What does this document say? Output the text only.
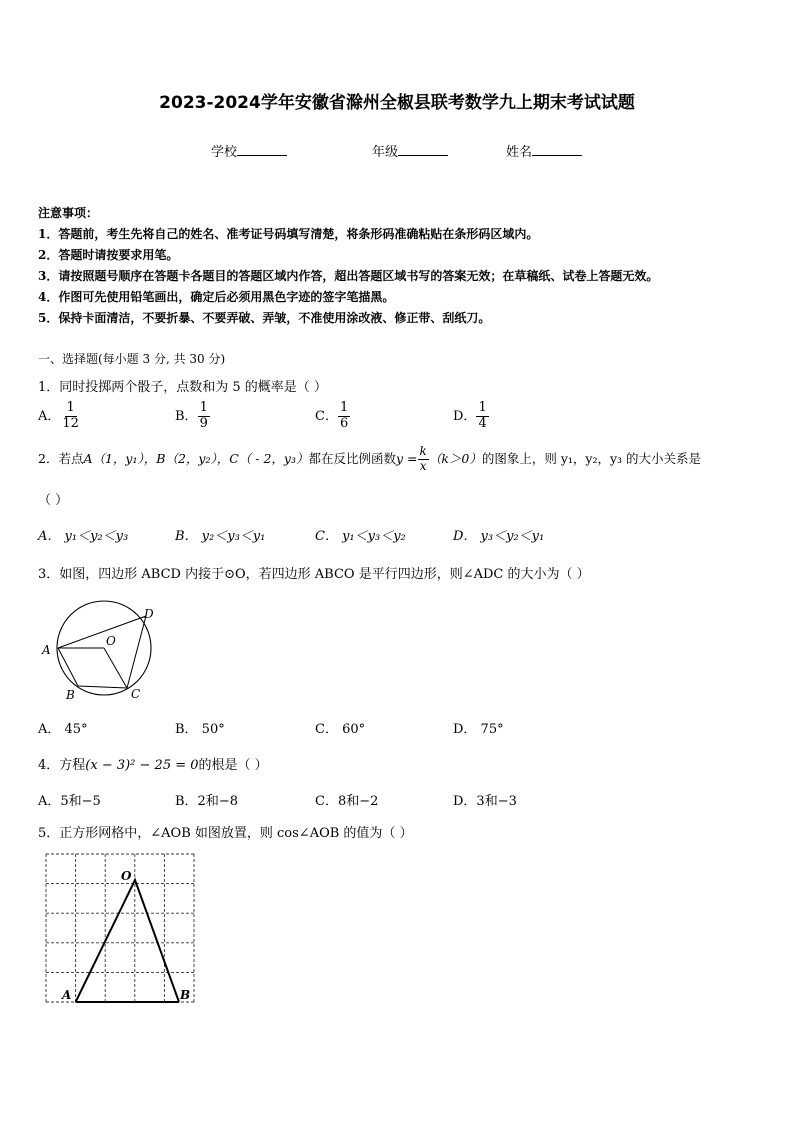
2023-2024学年安徽省滁州全椒县联考数学九上期末考试试题
学校	年级	姓名
注意事项：
1．答题前，考生先将自己的姓名、准考证号码填写清楚，将条形码准确粘贴在条形码区域内。
2．答题时请按要求用笔。
3．请按照题号顺序在答题卡各题目的答题区域内作答，超出答题区域书写的答案无效；在草稿纸、试卷上答题无效。
4．作图可先使用铅笔画出，确定后必须用黑色字迹的签字笔描黑。
5．保持卡面清洁，不要折暴、不要弄破、弄皱，不准使用涂改液、修正带、刮纸刀。
一、选择题(每小题 3 分, 共 30 分)
1．同时投掷两个骰子，点数和为 5 的概率是（ ）
A． $\frac{1}{12}$	B． $\frac{1}{9}$	C． $\frac{1}{6}$	D． $\frac{1}{4}$
2．若点A（1，y₁），B（2，y₂），C（ - 2，y₃）都在反比例函数$y = \frac{k}{x} (k>0)$的图象上，则 y₁，y₂，y₃ 的大小关系是
（ ）
A． y₁＜y₂＜y₃	B． y₂＜y₃＜y₁	C． y₁＜y₃＜y₂	D． y₃＜y₂＜y₁
3．如图，四边形 ABCD 内接于⊙O，若四边形 ABCO 是平行四边形，则∠ADC 的大小为（ ）
A
B	C
D
O
A． 45°	B． 50°	C． 60°	D． 75°
4．方程(x − 3)² − 25 = 0的根是（ ）
A．5和−5	B．2和−8	C．8和−2	D．3和−3
5．正方形网格中，∠AOB 如图放置，则 cos∠AOB 的值为（ ）
O
A	B
